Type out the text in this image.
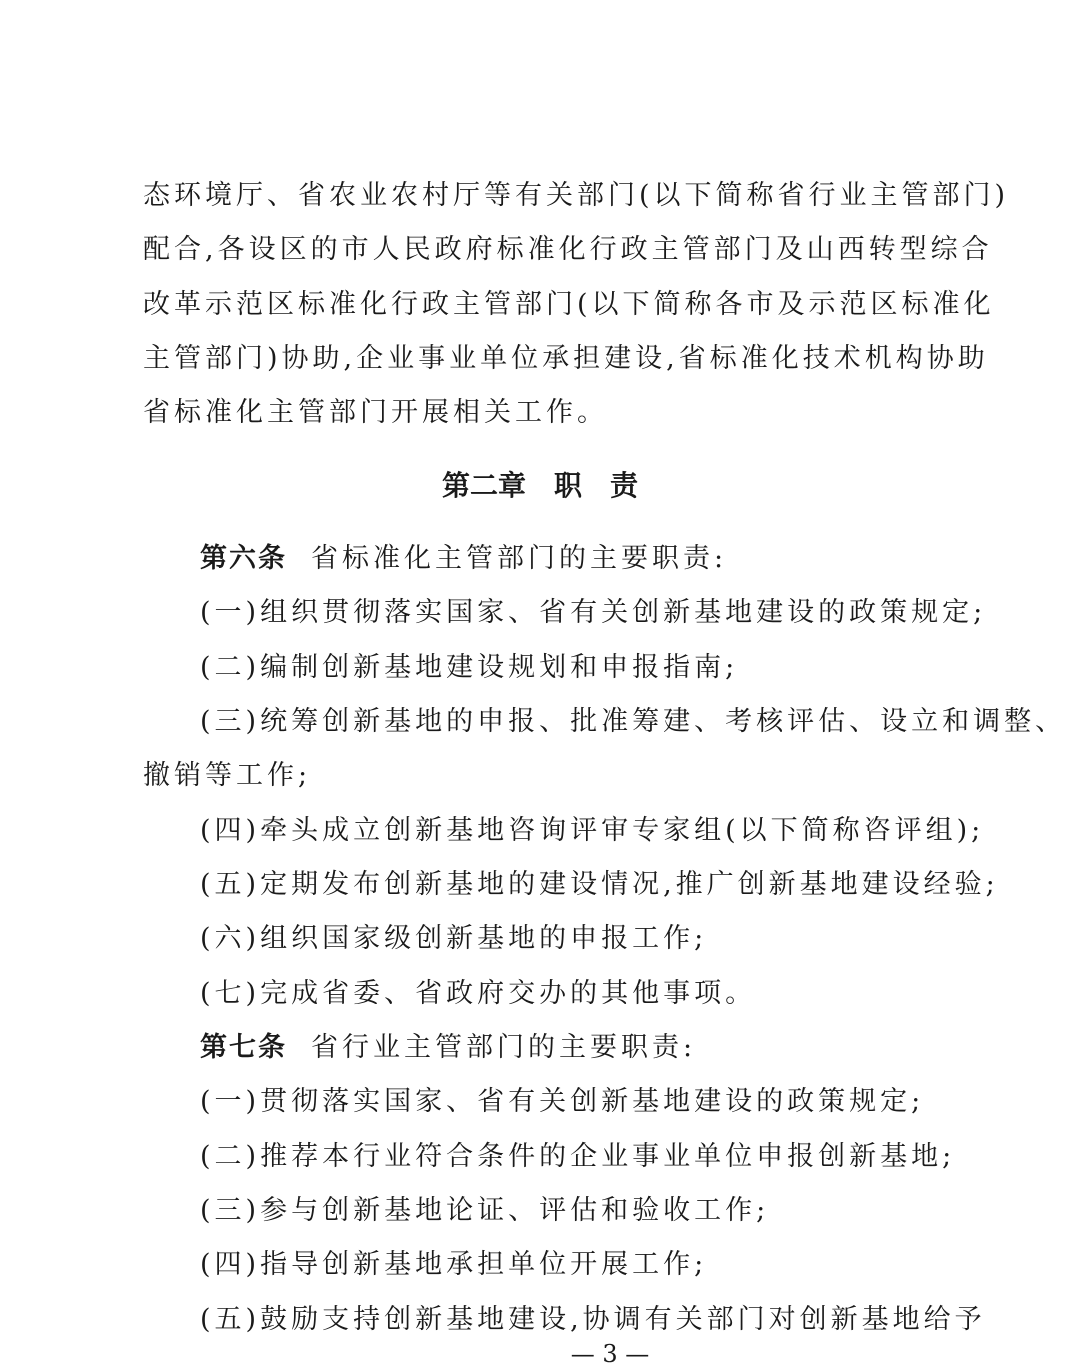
态环境厅、省农业农村厅等有关部门(以下简称省行业主管部门)
配合,各设区的市人民政府标准化行政主管部门及山西转型综合
改革示范区标准化行政主管部门(以下简称各市及示范区标准化
主管部门)协助,企业事业单位承担建设,省标准化技术机构协助
省标准化主管部门开展相关工作。
第二章　职　责
第六条 省标准化主管部门的主要职责:
(一)组织贯彻落实国家、省有关创新基地建设的政策规定;
(二)编制创新基地建设规划和申报指南;
(三)统筹创新基地的申报、批准筹建、考核评估、设立和调整、
撤销等工作;
(四)牵头成立创新基地咨询评审专家组(以下简称咨评组);
(五)定期发布创新基地的建设情况,推广创新基地建设经验;
(六)组织国家级创新基地的申报工作;
(七)完成省委、省政府交办的其他事项。
第七条 省行业主管部门的主要职责:
(一)贯彻落实国家、省有关创新基地建设的政策规定;
(二)推荐本行业符合条件的企业事业单位申报创新基地;
(三)参与创新基地论证、评估和验收工作;
(四)指导创新基地承担单位开展工作;
(五)鼓励支持创新基地建设,协调有关部门对创新基地给予
— 3 —
